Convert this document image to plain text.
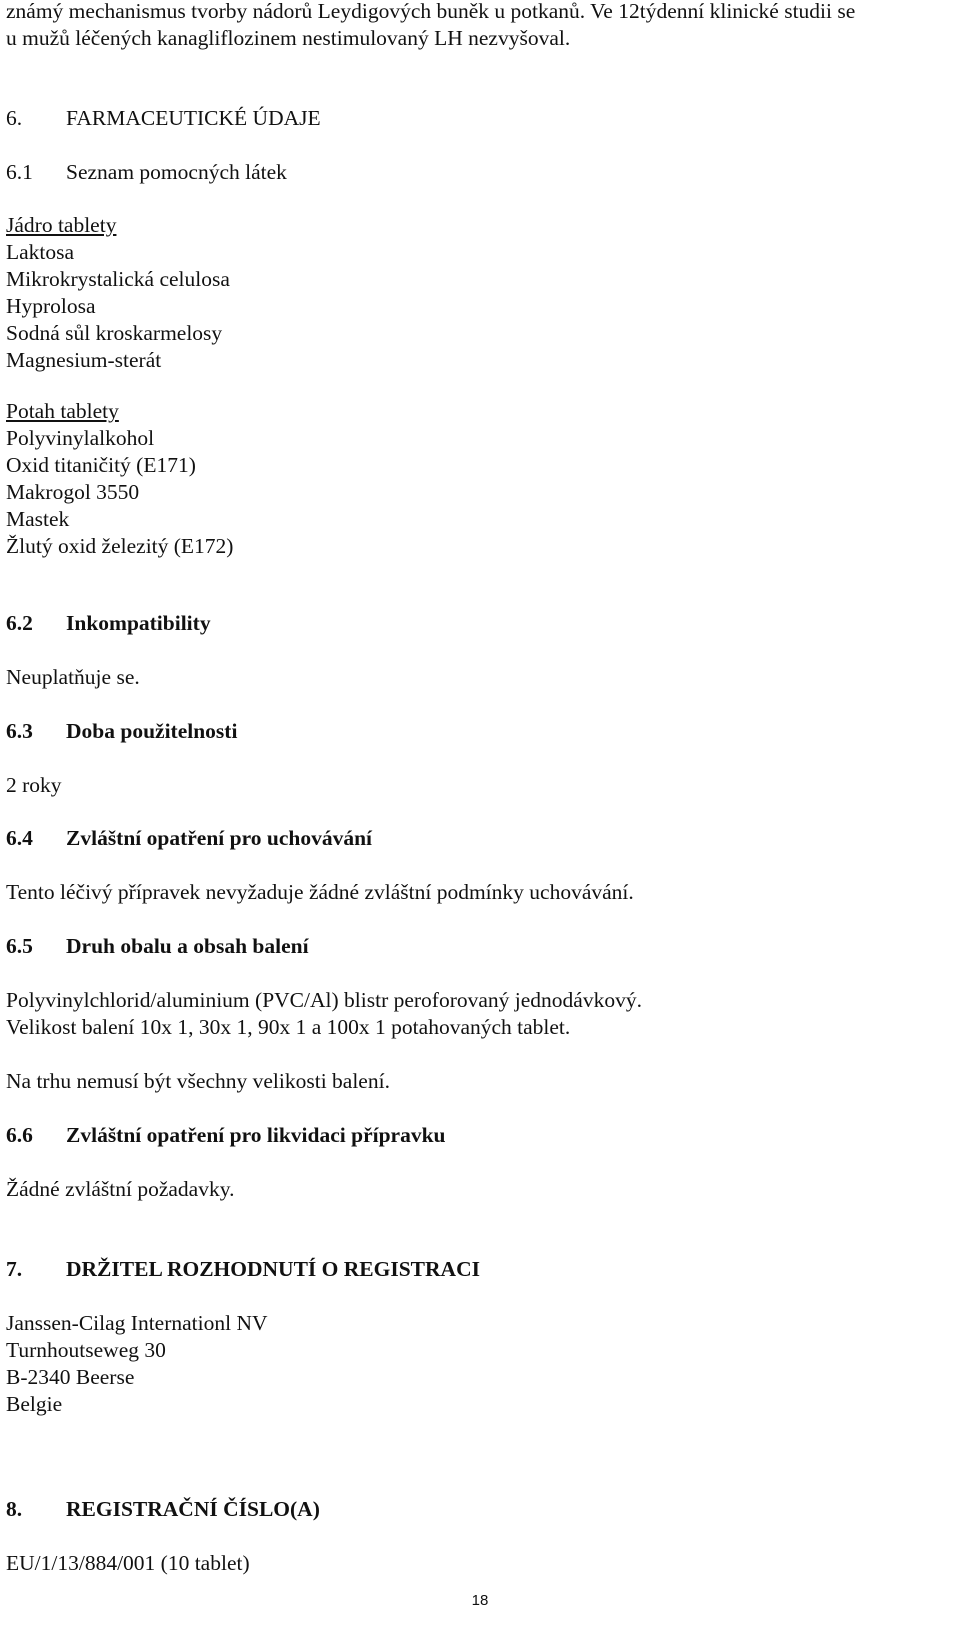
známý mechanismus tvorby nádorů Leydigových buněk u potkanů. Ve 12týdenní klinické studii se

u mužů léčených kanagliflozinem nestimulovaný LH nezvyšoval.

6. FARMACEUTICKÉ ÚDAJE

6.1 Seznam pomocných látek

Jádro tablety

Laktosa

Mikrokrystalická celulosa

Hyprolosa

Sodná sůl kroskarmelosy

Magnesium-sterát

Potah tablety

Polyvinylalkohol

Oxid titaničitý (E171)

Makrogol 3550

Mastek

Žlutý oxid železitý (E172)

6.2 Inkompatibility

Neuplatňuje se.

6.3 Doba použitelnosti

2 roky

6.4 Zvláštní opatření pro uchovávání

Tento léčivý přípravek nevyžaduje žádné zvláštní podmínky uchovávání.

6.5 Druh obalu a obsah balení

Polyvinylchlorid/aluminium (PVC/Al) blistr peroforovaný jednodávkový.

Velikost balení 10x 1, 30x 1, 90x 1 a 100x 1 potahovaných tablet.

Na trhu nemusí být všechny velikosti balení.

6.6 Zvláštní opatření pro likvidaci přípravku

Žádné zvláštní požadavky.

7. DRŽITEL ROZHODNUTÍ O REGISTRACI

Janssen-Cilag Internationl NV

Turnhoutseweg 30

B-2340 Beerse

Belgie

8. REGISTRAČNÍ ČÍSLO(A)

EU/1/13/884/001 (10 tablet)

18
